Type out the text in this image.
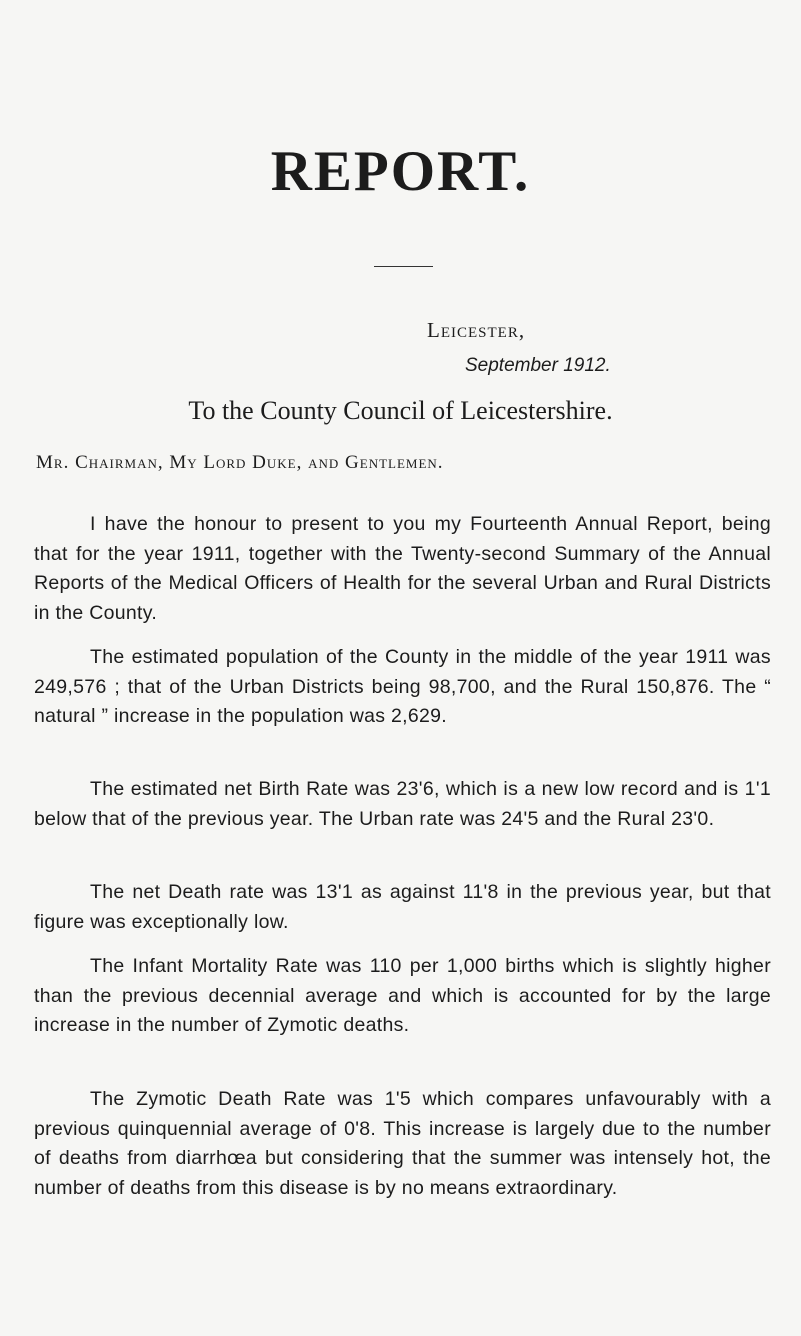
REPORT.
Leicester,
September 1912.
To the County Council of Leicestershire.
Mr. Chairman, My Lord Duke, and Gentlemen.

I have the honour to present to you my Fourteenth Annual Report, being that for the year 1911, together with the Twenty-second Summary of the Annual Reports of the Medical Officers of Health for the several Urban and Rural Districts in the County.

The estimated population of the County in the middle of the year 1911 was 249,576 ; that of the Urban Districts being 98,700, and the Rural 150,876. The “ natural ” increase in the population was 2,629.

The estimated net Birth Rate was 23'6, which is a new low record and is 1'1 below that of the previous year. The Urban rate was 24'5 and the Rural 23'0.

The net Death rate was 13'1 as against 11'8 in the previous year, but that figure was exceptionally low.

The Infant Mortality Rate was 110 per 1,000 births which is slightly higher than the previous decennial average and which is accounted for by the large increase in the number of Zymotic deaths.

The Zymotic Death Rate was 1'5 which compares unfavourably with a previous quinquennial average of 0'8. This increase is largely due to the number of deaths from diarrhœa but considering that the summer was intensely hot, the number of deaths from this disease is by no means extraordinary.
